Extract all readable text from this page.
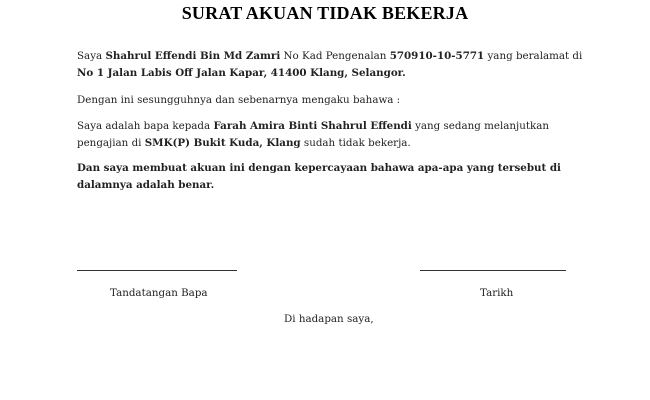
SURAT AKUAN TIDAK BEKERJA
Saya Shahrul Effendi Bin Md Zamri No Kad Pengenalan 570910-10-5771 yang beralamat di No 1 Jalan Labis Off Jalan Kapar, 41400 Klang, Selangor.
Dengan ini sesungguhnya dan sebenarnya mengaku bahawa :
Saya adalah bapa kepada Farah Amira Binti Shahrul Effendi yang sedang melanjutkan pengajian di SMK(P) Bukit Kuda, Klang sudah tidak bekerja.
Dan saya membuat akuan ini dengan kepercayaan bahawa apa-apa yang tersebut di dalamnya adalah benar.
Tandatangan Bapa	Tarikh
Di hadapan saya,
